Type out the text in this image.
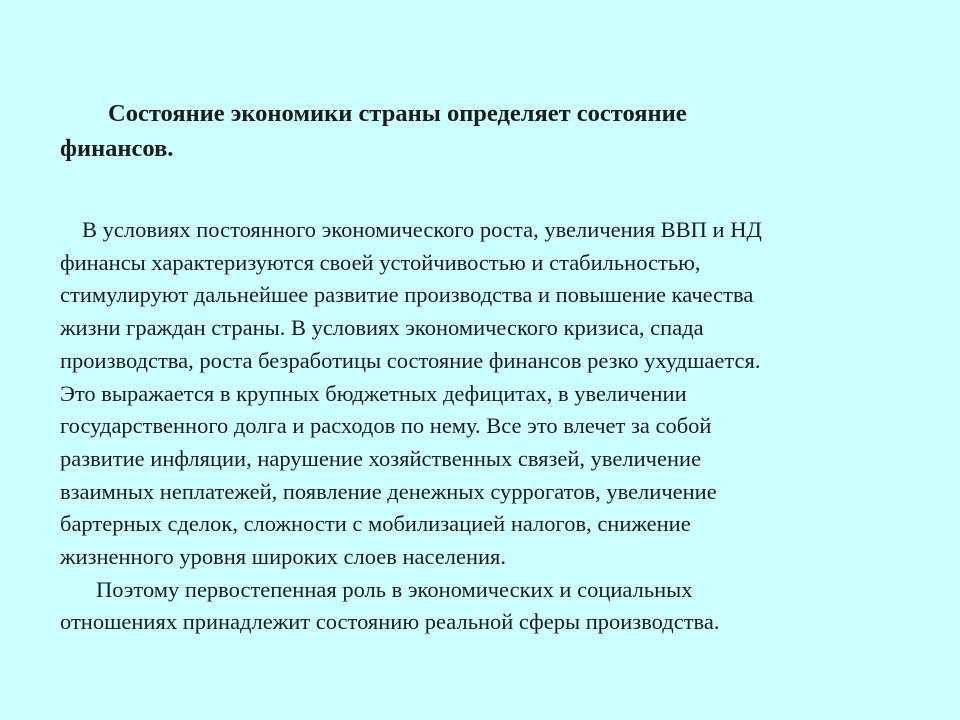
Состояние экономики страны определяет состояние
финансов.

В условиях постоянного экономического роста, увеличения ВВП и НД
финансы характеризуются своей устойчивостью и стабильностью,
стимулируют дальнейшее развитие производства и повышение качества
жизни граждан страны. В условиях экономического кризиса, спада
производства, роста безработицы состояние финансов резко ухудшается.
Это выражается в крупных бюджетных дефицитах, в увеличении
государственного долга и расходов по нему. Все это влечет за собой
развитие инфляции, нарушение хозяйственных связей, увеличение
взаимных неплатежей, появление денежных суррогатов, увеличение
бартерных сделок, сложности с мобилизацией налогов, снижение
жизненного уровня широких слоев населения.
Поэтому первостепенная роль в экономических и социальных
отношениях принадлежит состоянию реальной сферы производства.
